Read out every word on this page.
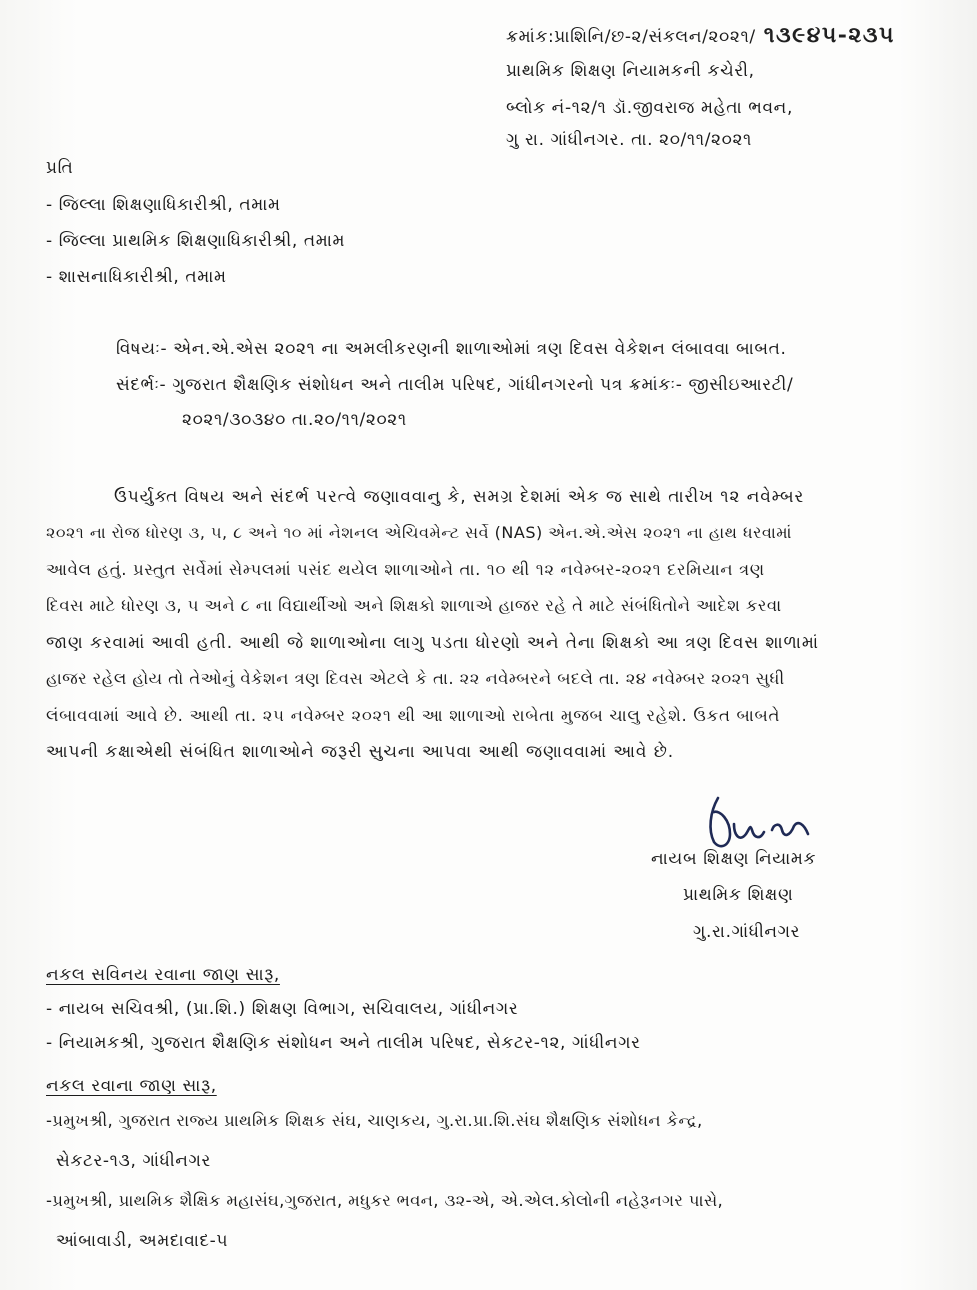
ક્રમાંક:પ્રાશિનિ/છ-૨/સંકલન/૨૦૨૧/ ૧૩૯૪૫-૨૩૫
પ્રાથમિક શિક્ષણ નિયામકની કચેરી,
બ્લોક નં-૧૨/૧ ડૉ.જીવરાજ મહેતા ભવન,
ગુ રા. ગાંધીનગર. તા. ૨૦/૧૧/૨૦૨૧
પ્રતિ
- જિલ્લા શિક્ષણાધિકારીશ્રી, તમામ
- જિલ્લા પ્રાથમિક શિક્ષણાધિકારીશ્રી, તમામ
- શાસનાધિકારીશ્રી, તમામ
વિષયઃ- એન.એ.એસ ૨૦૨૧ ના અમલીકરણની શાળાઓમાં ત્રણ દિવસ વેકેશન લંબાવવા બાબત.
સંદર્ભઃ- ગુજરાત શૈક્ષણિક સંશોધન અને તાલીમ પરિષદ, ગાંધીનગરનો પત્ર ક્રમાંકઃ- જીસીઇઆરટી/
૨૦૨૧/૩૦૩૪૦ તા.૨૦/૧૧/૨૦૨૧
ઉપર્યુક્ત વિષય અને સંદર્ભ પરત્વે જણાવવાનુ કે, સમગ્ર દેશમાં એક જ સાથે તારીખ ૧૨ નવેમ્બર
૨૦૨૧ ના રોજ ધોરણ ૩, ૫, ૮ અને ૧૦ માં નેશનલ એચિવમેન્ટ સર્વે (NAS) એન.એ.એસ ૨૦૨૧ ના હાથ ધરવામાં
આવેલ હતું. પ્રસ્તુત સર્વેમાં સેમ્પલમાં પસંદ થયેલ શાળાઓને તા. ૧૦ થી ૧૨ નવેમ્બર-૨૦૨૧ દરમિયાન ત્રણ
દિવસ માટે ધોરણ ૩, ૫ અને ૮ ના વિદ્યાર્થીઓ અને શિક્ષકો શાળાએ હાજર રહે તે માટે સંબંધિતોને આદેશ કરવા
જાણ કરવામાં આવી હતી. આથી જે શાળાઓના લાગુ પડતા ધોરણો અને તેના શિક્ષકો આ ત્રણ દિવસ શાળામાં
હાજર રહેલ હોય તો તેઓનું વેકેશન ત્રણ દિવસ એટલે કે તા. ૨૨ નવેમ્બરને બદલે તા. ૨૪ નવેમ્બર ૨૦૨૧ સુધી
લંબાવવામાં આવે છે. આથી તા. ૨૫ નવેમ્બર ૨૦૨૧ થી આ શાળાઓ રાબેતા મુજબ ચાલુ રહેશે. ઉકત બાબતે
આપની કક્ષાએથી સંબંધિત શાળાઓને જરૂરી સુચના આપવા આથી જણાવવામાં આવે છે.
નાયબ શિક્ષણ નિયામક
પ્રાથમિક શિક્ષણ
ગુ.રા.ગાંધીનગર
નકલ સવિનય રવાના જાણ સારૂ,
- નાયબ સચિવશ્રી, (પ્રા.શિ.) શિક્ષણ વિભાગ, સચિવાલય, ગાંધીનગર
- નિયામકશ્રી, ગુજરાત શૈક્ષણિક સંશોધન અને તાલીમ પરિષદ, સેકટર-૧૨, ગાંધીનગર
નકલ રવાના જાણ સારૂ,
-પ્રમુખશ્રી, ગુજરાત રાજ્ય પ્રાથમિક શિક્ષક સંઘ, ચાણકય, ગુ.રા.પ્રા.શિ.સંઘ શૈક્ષણિક સંશોધન કેન્દ્ર,
સેકટર-૧૩, ગાંધીનગર
-પ્રમુખશ્રી, પ્રાથમિક શૈક્ષિક મહાસંઘ,ગુજરાત, મધુકર ભવન, ૩૨-એ, એ.એલ.કોલોની નહેરૂનગર પાસે,
આંબાવાડી, અમદાવાદ-૫
